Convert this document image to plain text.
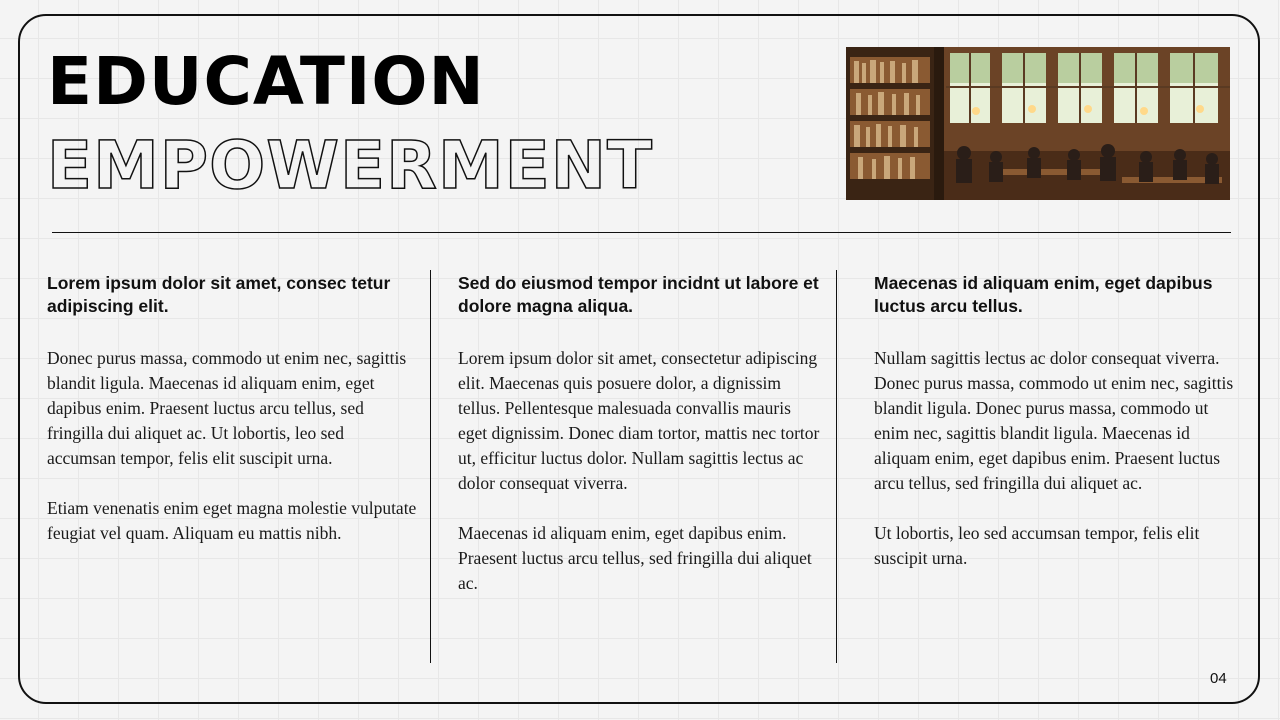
EDUCATION
EMPOWERMENT

Lorem ipsum dolor sit amet, consec tetur adipiscing elit.

Donec purus massa, commodo ut enim nec, sagittis blandit ligula. Maecenas id aliquam enim, eget dapibus enim. Praesent luctus arcu tellus, sed fringilla dui aliquet ac. Ut lobortis, leo sed accumsan tempor, felis elit suscipit urna.

Etiam venenatis enim eget magna molestie vulputate feugiat vel quam. Aliquam eu mattis nibh.

Sed do eiusmod tempor incidnt ut labore et dolore magna aliqua.

Lorem ipsum dolor sit amet, consectetur adipiscing elit. Maecenas quis posuere dolor, a dignissim tellus. Pellentesque malesuada convallis mauris eget dignissim. Donec diam tortor, mattis nec tortor ut, efficitur luctus dolor. Nullam sagittis lectus ac dolor consequat viverra.

Maecenas id aliquam enim, eget dapibus enim. Praesent luctus arcu tellus, sed fringilla dui aliquet ac.

Maecenas id aliquam enim, eget dapibus luctus arcu tellus.

Nullam sagittis lectus ac dolor consequat viverra. Donec purus massa, commodo ut enim nec, sagittis blandit ligula. Donec purus massa, commodo ut enim nec, sagittis blandit ligula. Maecenas id aliquam enim, eget dapibus enim. Praesent luctus arcu tellus, sed fringilla dui aliquet ac.

Ut lobortis, leo sed accumsan tempor, felis elit suscipit urna.

04
